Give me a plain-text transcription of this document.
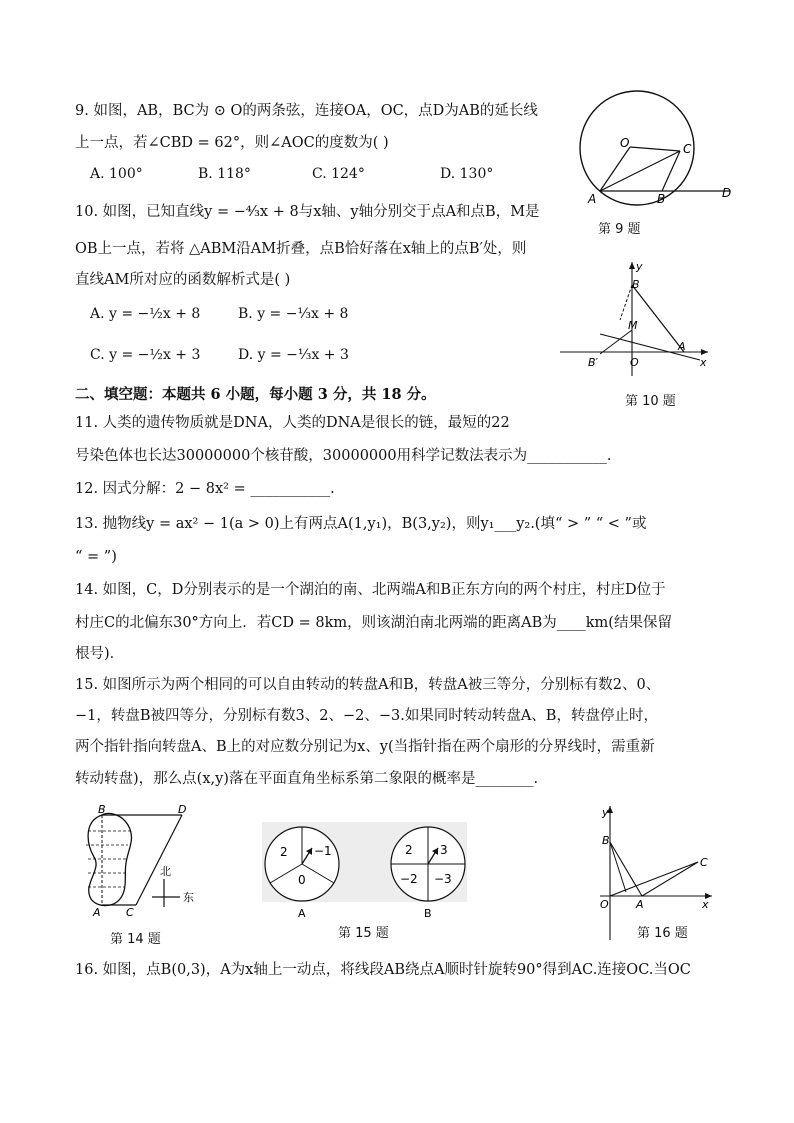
9. 如图，AB，BC为 ⊙ O的两条弦，连接OA，OC，点D为AB的延长线
上一点，若∠CBD = 62°，则∠AOC的度数为( )
A. 100°	B. 118°	C. 124°	D. 130°
O	C
A	B	D
第 9 题
10. 如图，已知直线y = −⁴⁄₃x + 8与x轴、y轴分别交于点A和点B，M是
OB上一点，若将 △ABM沿AM折叠，点B恰好落在x轴上的点B′处，则
直线AM所对应的函数解析式是( )
A. y = −½x + 8	B. y = −⅓x + 8
C. y = −½x + 3	D. y = −⅓x + 3
y
B
M
A
B′	O	x
第 10 题
二、填空题：本题共 6 小题，每小题 3 分，共 18 分。
11. 人类的遗传物质就是DNA，人类的DNA是很长的链，最短的22
号染色体也长达30000000个核苷酸，30000000用科学记数法表示为___________.
12. 因式分解：2 − 8x² = ___________.
13. 抛物线y = ax² − 1(a > 0)上有两点A(1,y₁)，B(3,y₂)，则y₁___y₂.(填“ > ” “ < ”或
“ = ”)
14. 如图，C，D分别表示的是一个湖泊的南、北两端A和B正东方向的两个村庄，村庄D位于
村庄C的北偏东30°方向上．若CD = 8km，则该湖泊南北两端的距离AB为____km(结果保留
根号)．
15. 如图所示为两个相同的可以自由转动的转盘A和B，转盘A被三等分，分别标有数2、0、
−1，转盘B被四等分，分别标有数3、2、−2、−3.如果同时转动转盘A、B，转盘停止时，
两个指针指向转盘A、B上的对应数分别记为x、y(当指针指在两个扇形的分界线时，需重新
转动转盘)，那么点(x,y)落在平面直角坐标系第二象限的概率是________.
B	D
A C
北
东
第 14 题
2 −1
0
A
2 3
−2 −3
B
第 15 题
y
B
C
O A	x
第 16 题
16. 如图，点B(0,3)，A为x轴上一动点，将线段AB绕点A顺时针旋转90°得到AC.连接OC.当OC
